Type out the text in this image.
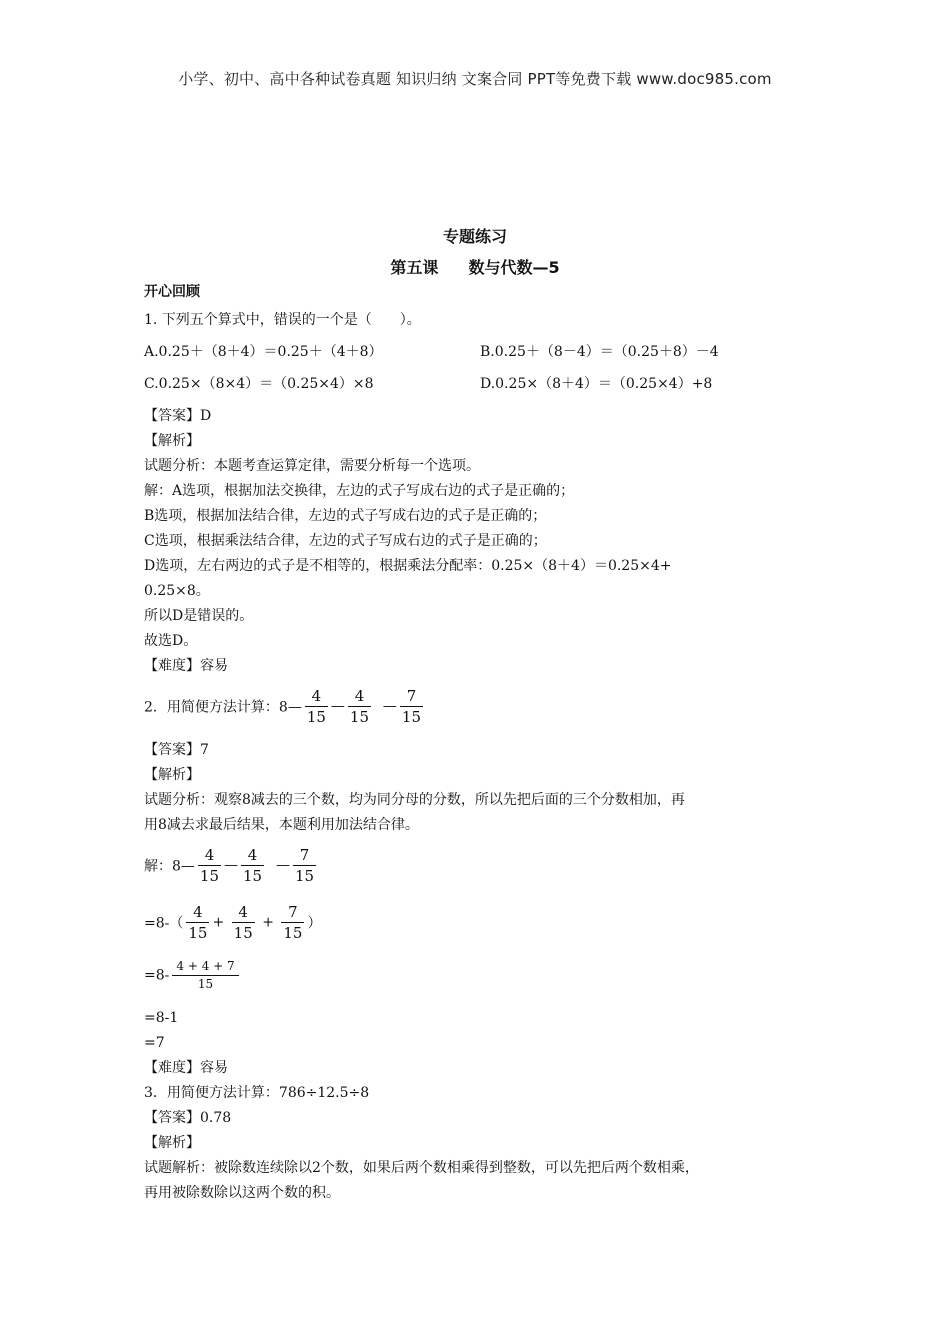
小学、初中、高中各种试卷真题 知识归纳 文案合同 PPT等免费下载 www.doc985.com
专题练习
第五课 数与代数—5
开心回顾
1. 下列五个算式中，错误的一个是（　　）。
A.0.25＋（8＋4）＝0.25＋（4＋8）	B.0.25＋（8－4）＝（0.25＋8）－4
C.0.25×（8×4）＝（0.25×4）×8	D.0.25×（8＋4）＝（0.25×4）+8
【答案】D
【解析】
试题分析：本题考查运算定律，需要分析每一个选项。
解：A选项，根据加法交换律，左边的式子写成右边的式子是正确的；
B选项，根据加法结合律，左边的式子写成右边的式子是正确的；
C选项，根据乘法结合律，左边的式子写成右边的式子是正确的；
D选项，左右两边的式子是不相等的，根据乘法分配率：0.25×（8＋4）＝0.25×4+
0.25×8。
所以D是错误的。
故选D。
【难度】容易
2．用简便方法计算：8— $\frac{4}{15}$ — $\frac{4}{15}$ — $\frac{7}{15}$
【答案】7
【解析】
试题分析：观察8减去的三个数，均为同分母的分数，所以先把后面的三个分数相加，再
用8减去求最后结果，本题利用加法结合律。
解：8— $\frac{4}{15}$ — $\frac{4}{15}$ — $\frac{7}{15}$
$=8-( \frac{4}{15} + \frac{4}{15} + \frac{7}{15}$ ）
$=8- \frac{4 + 4 + 7}{15}$
=8-1
=7
【难度】容易
3．用简便方法计算：786÷12.5÷8
【答案】0.78
【解析】
试题解析：被除数连续除以2个数，如果后两个数相乘得到整数，可以先把后两个数相乘，
再用被除数除以这两个数的积。
